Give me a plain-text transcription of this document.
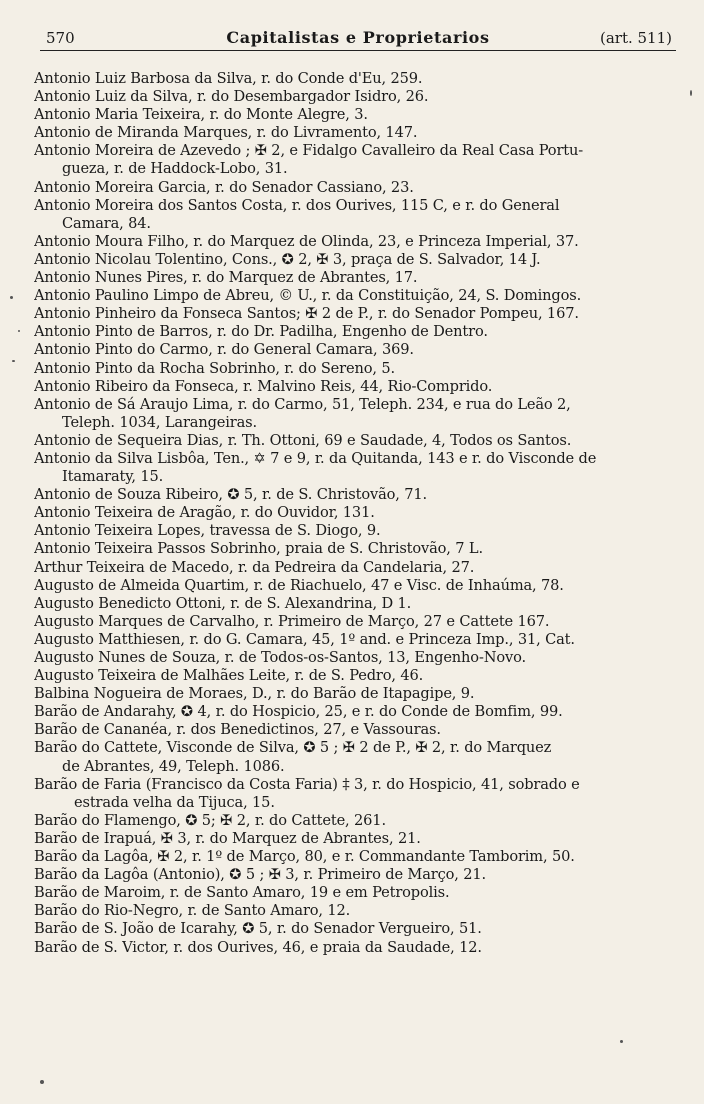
570	Capitalistas e Proprietarios	(art. 511)
Antonio Luiz Barbosa da Silva, r. do Conde d'Eu, 259.
Antonio Luiz da Silva, r. do Desembargador Isidro, 26.
Antonio Maria Teixeira, r. do Monte Alegre, 3.
Antonio de Miranda Marques, r. do Livramento, 147.
Antonio Moreira de Azevedo ; ✠ 2, e Fidalgo Cavalleiro da Real Casa Portu-
gueza, r. de Haddock-Lobo, 31.
Antonio Moreira Garcia, r. do Senador Cassiano, 23.
Antonio Moreira dos Santos Costa, r. dos Ourives, 115 C, e r. do General
Camara, 84.
Antonio Moura Filho, r. do Marquez de Olinda, 23, e Princeza Imperial, 37.
Antonio Nicolau Tolentino, Cons., ✪ 2, ✠ 3, praça de S. Salvador, 14 J.
Antonio Nunes Pires, r. do Marquez de Abrantes, 17.
Antonio Paulino Limpo de Abreu, © U., r. da Constituição, 24, S. Domingos.
Antonio Pinheiro da Fonseca Santos; ✠ 2 de P., r. do Senador Pompeu, 167.
Antonio Pinto de Barros, r. do Dr. Padilha, Engenho de Dentro.
Antonio Pinto do Carmo, r. do General Camara, 369.
Antonio Pinto da Rocha Sobrinho, r. do Sereno, 5.
Antonio Ribeiro da Fonseca, r. Malvino Reis, 44, Rio-Comprido.
Antonio de Sá Araujo Lima, r. do Carmo, 51, Teleph. 234, e rua do Leão 2,
Teleph. 1034, Larangeiras.
Antonio de Sequeira Dias, r. Th. Ottoni, 69 e Saudade, 4, Todos os Santos.
Antonio da Silva Lisbôa, Ten., ✡ 7 e 9, r. da Quitanda, 143 e r. do Visconde de
Itamaraty, 15.
Antonio de Souza Ribeiro, ✪ 5, r. de S. Christovão, 71.
Antonio Teixeira de Aragão, r. do Ouvidor, 131.
Antonio Teixeira Lopes, travessa de S. Diogo, 9.
Antonio Teixeira Passos Sobrinho, praia de S. Christovão, 7 L.
Arthur Teixeira de Macedo, r. da Pedreira da Candelaria, 27.
Augusto de Almeida Quartim, r. de Riachuelo, 47 e Visc. de Inhaúma, 78.
Augusto Benedicto Ottoni, r. de S. Alexandrina, D 1.
Augusto Marques de Carvalho, r. Primeiro de Março, 27 e Cattete 167.
Augusto Matthiesen, r. do G. Camara, 45, 1º and. e Princeza Imp., 31, Cat.
Augusto Nunes de Souza, r. de Todos-os-Santos, 13, Engenho-Novo.
Augusto Teixeira de Malhães Leite, r. de S. Pedro, 46.
Balbina Nogueira de Moraes, D., r. do Barão de Itapagipe, 9.
Barão de Andarahy, ✪ 4, r. do Hospicio, 25, e r. do Conde de Bomfim, 99.
Barão de Cananéa, r. dos Benedictinos, 27, e Vassouras.
Barão do Cattete, Visconde de Silva, ✪ 5 ; ✠ 2 de P., ✠ 2, r. do Marquez
de Abrantes, 49, Teleph. 1086.
Barão de Faria (Francisco da Costa Faria) ‡ 3, r. do Hospicio, 41, sobrado e
estrada velha da Tijuca, 15.
Barão do Flamengo, ✪ 5; ✠ 2, r. do Cattete, 261.
Barão de Irapuá, ✠ 3, r. do Marquez de Abrantes, 21.
Barão da Lagôa, ✠ 2, r. 1º de Março, 80, e r. Commandante Tamborim, 50.
Barão da Lagôa (Antonio), ✪ 5 ; ✠ 3, r. Primeiro de Março, 21.
Barão de Maroim, r. de Santo Amaro, 19 e em Petropolis.
Barão do Rio-Negro, r. de Santo Amaro, 12.
Barão de S. João de Icarahy, ✪ 5, r. do Senador Vergueiro, 51.
Barão de S. Victor, r. dos Ourives, 46, e praia da Saudade, 12.
